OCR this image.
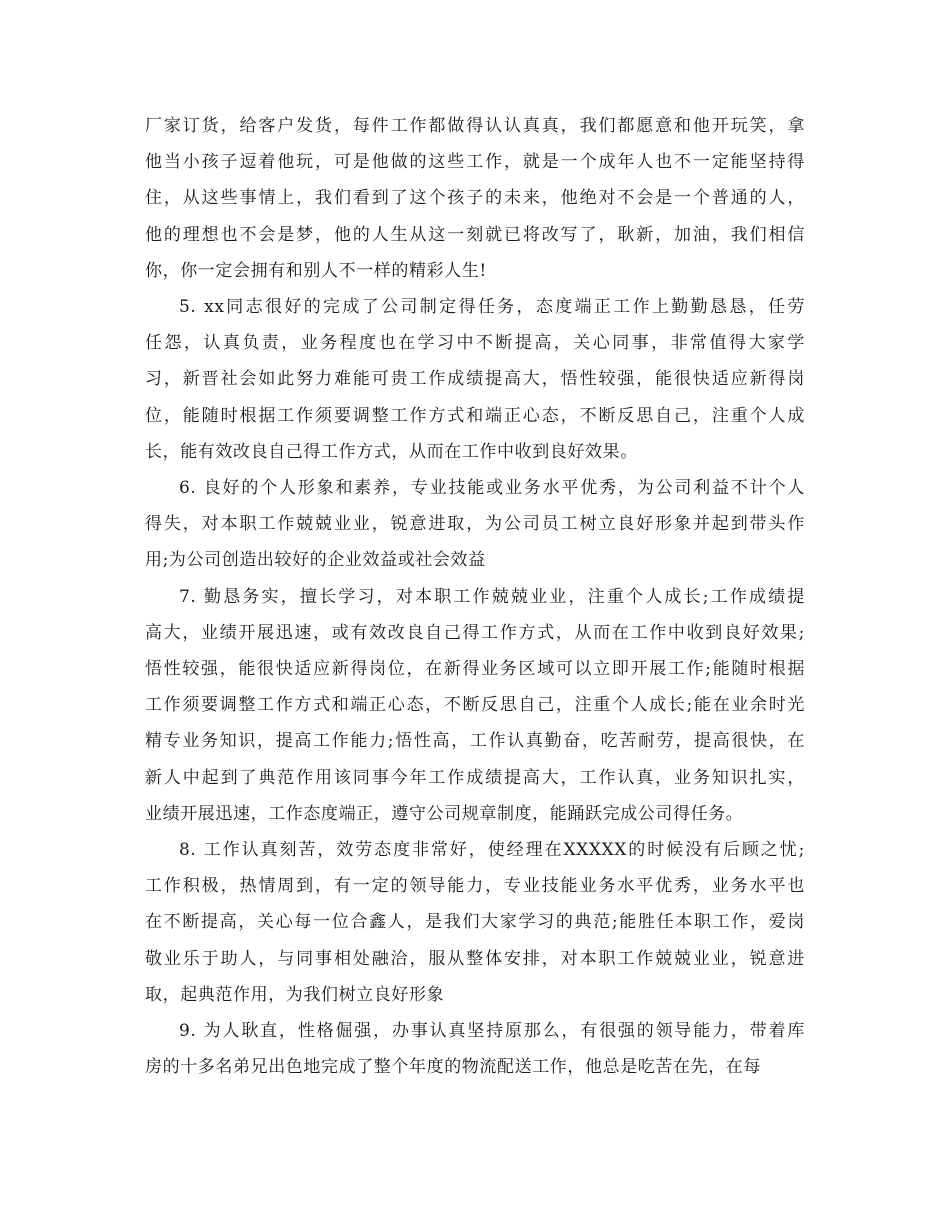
厂家订货，给客户发货，每件工作都做得认认真真，我们都愿意和他开玩笑，拿
他当小孩子逗着他玩，可是他做的这些工作，就是一个成年人也不一定能坚持得
住，从这些事情上，我们看到了这个孩子的未来，他绝对不会是一个普通的人，
他的理想也不会是梦，他的人生从这一刻就已将改写了，耿新，加油，我们相信
你，你一定会拥有和别人不一样的精彩人生!
5. xx同志很好的完成了公司制定得任务，态度端正工作上勤勤恳恳，任劳
任怨，认真负责，业务程度也在学习中不断提高，关心同事，非常值得大家学
习，新晋社会如此努力难能可贵工作成绩提高大，悟性较强，能很快适应新得岗
位，能随时根据工作须要调整工作方式和端正心态，不断反思自己，注重个人成
长，能有效改良自己得工作方式，从而在工作中收到良好效果。
6. 良好的个人形象和素养，专业技能或业务水平优秀，为公司利益不计个人
得失，对本职工作兢兢业业，锐意进取，为公司员工树立良好形象并起到带头作
用;为公司创造出较好的企业效益或社会效益
7. 勤恳务实，擅长学习，对本职工作兢兢业业，注重个人成长;工作成绩提
高大，业绩开展迅速，或有效改良自己得工作方式，从而在工作中收到良好效果;
悟性较强，能很快适应新得岗位，在新得业务区域可以立即开展工作;能随时根据
工作须要调整工作方式和端正心态，不断反思自己，注重个人成长;能在业余时光
精专业务知识，提高工作能力;悟性高，工作认真勤奋，吃苦耐劳，提高很快，在
新人中起到了典范作用该同事今年工作成绩提高大，工作认真，业务知识扎实，
业绩开展迅速，工作态度端正，遵守公司规章制度，能踊跃完成公司得任务。
8. 工作认真刻苦，效劳态度非常好，使经理在XXXXX的时候没有后顾之忧;
工作积极，热情周到，有一定的领导能力，专业技能业务水平优秀，业务水平也
在不断提高，关心每一位合鑫人，是我们大家学习的典范;能胜任本职工作，爱岗
敬业乐于助人，与同事相处融洽，服从整体安排，对本职工作兢兢业业，锐意进
取，起典范作用，为我们树立良好形象
9. 为人耿直，性格倔强，办事认真坚持原那么，有很强的领导能力，带着库
房的十多名弟兄出色地完成了整个年度的物流配送工作，他总是吃苦在先，在每
